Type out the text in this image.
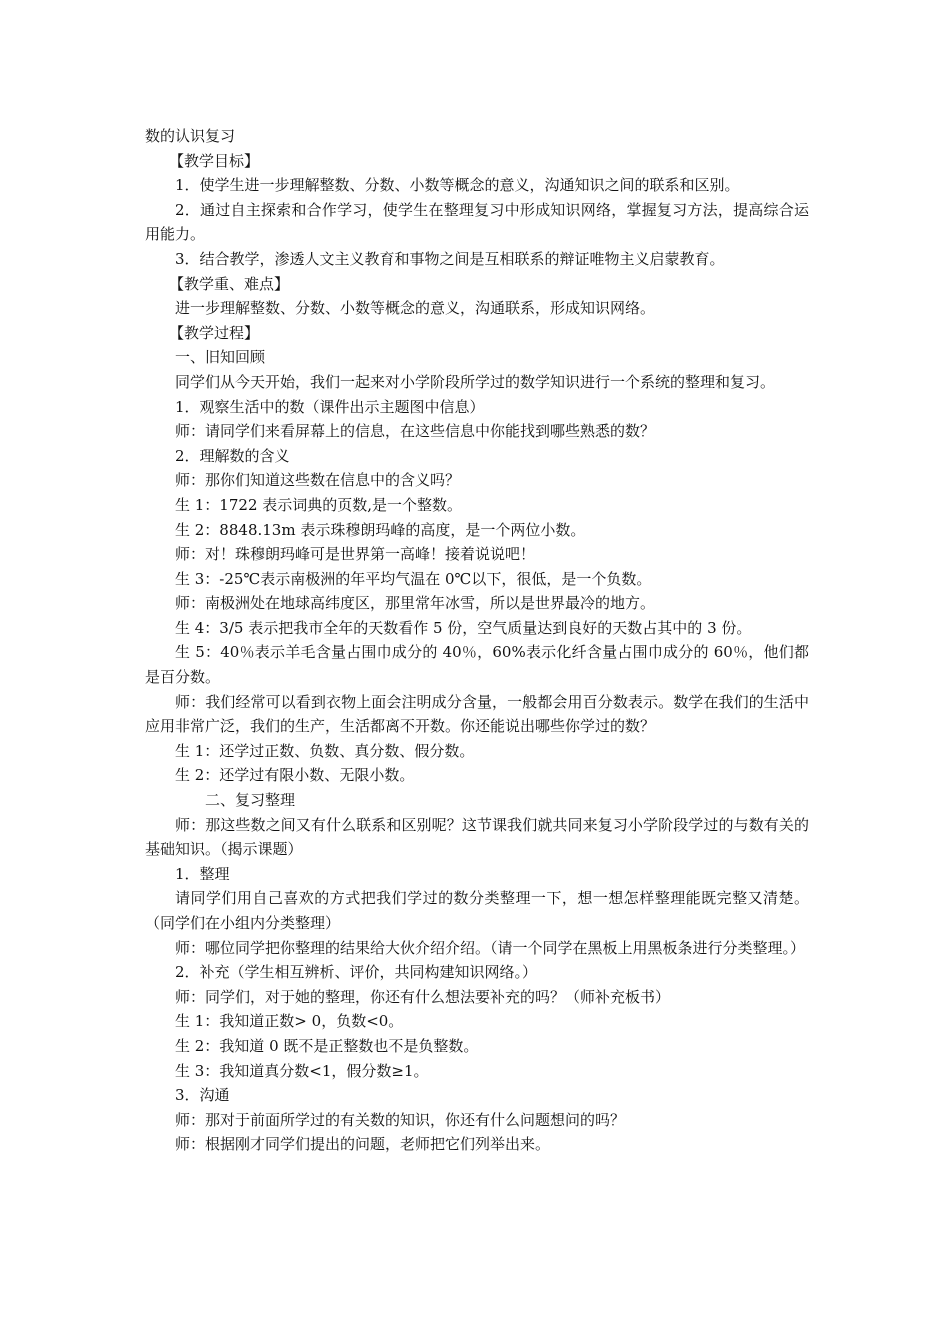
数的认识复习

【教学目标】

1．使学生进一步理解整数、分数、小数等概念的意义，沟通知识之间的联系和区别。

2．通过自主探索和合作学习，使学生在整理复习中形成知识网络，掌握复习方法，提高综合运用能力。

3．结合教学，渗透人文主义教育和事物之间是互相联系的辩证唯物主义启蒙教育。

【教学重、难点】

进一步理解整数、分数、小数等概念的意义，沟通联系，形成知识网络。

【教学过程】

一、旧知回顾

同学们从今天开始，我们一起来对小学阶段所学过的数学知识进行一个系统的整理和复习。

1．观察生活中的数（课件出示主题图中信息）

师：请同学们来看屏幕上的信息，在这些信息中你能找到哪些熟悉的数？

2．理解数的含义

师：那你们知道这些数在信息中的含义吗？

生 1：1722 表示词典的页数,是一个整数。

生 2：8848.13m 表示珠穆朗玛峰的高度，是一个两位小数。

师：对！珠穆朗玛峰可是世界第一高峰！接着说说吧！

生 3：-25℃表示南极洲的年平均气温在 0℃以下，很低，是一个负数。

师：南极洲处在地球高纬度区，那里常年冰雪，所以是世界最冷的地方。

生 4：3/5 表示把我市全年的天数看作 5 份，空气质量达到良好的天数占其中的 3 份。

生 5：40％表示羊毛含量占围巾成分的 40％，60%表示化纤含量占围巾成分的 60％，他们都是百分数。

师：我们经常可以看到衣物上面会注明成分含量，一般都会用百分数表示。数学在我们的生活中应用非常广泛，我们的生产，生活都离不开数。你还能说出哪些你学过的数？

生 1：还学过正数、负数、真分数、假分数。

生 2：还学过有限小数、无限小数。

二、复习整理

师：那这些数之间又有什么联系和区别呢？这节课我们就共同来复习小学阶段学过的与数有关的基础知识。（揭示课题）

1．整理

请同学们用自己喜欢的方式把我们学过的数分类整理一下，想一想怎样整理能既完整又清楚。（同学们在小组内分类整理）

师：哪位同学把你整理的结果给大伙介绍介绍。（请一个同学在黑板上用黑板条进行分类整理。）

2．补充（学生相互辨析、评价，共同构建知识网络。）

师：同学们，对于她的整理，你还有什么想法要补充的吗？（师补充板书）

生 1：我知道正数> 0，负数<0。

生 2：我知道 0 既不是正整数也不是负整数。

生 3：我知道真分数<1，假分数≥1。

3．沟通

师：那对于前面所学过的有关数的知识，你还有什么问题想问的吗？

师：根据刚才同学们提出的问题，老师把它们列举出来。
